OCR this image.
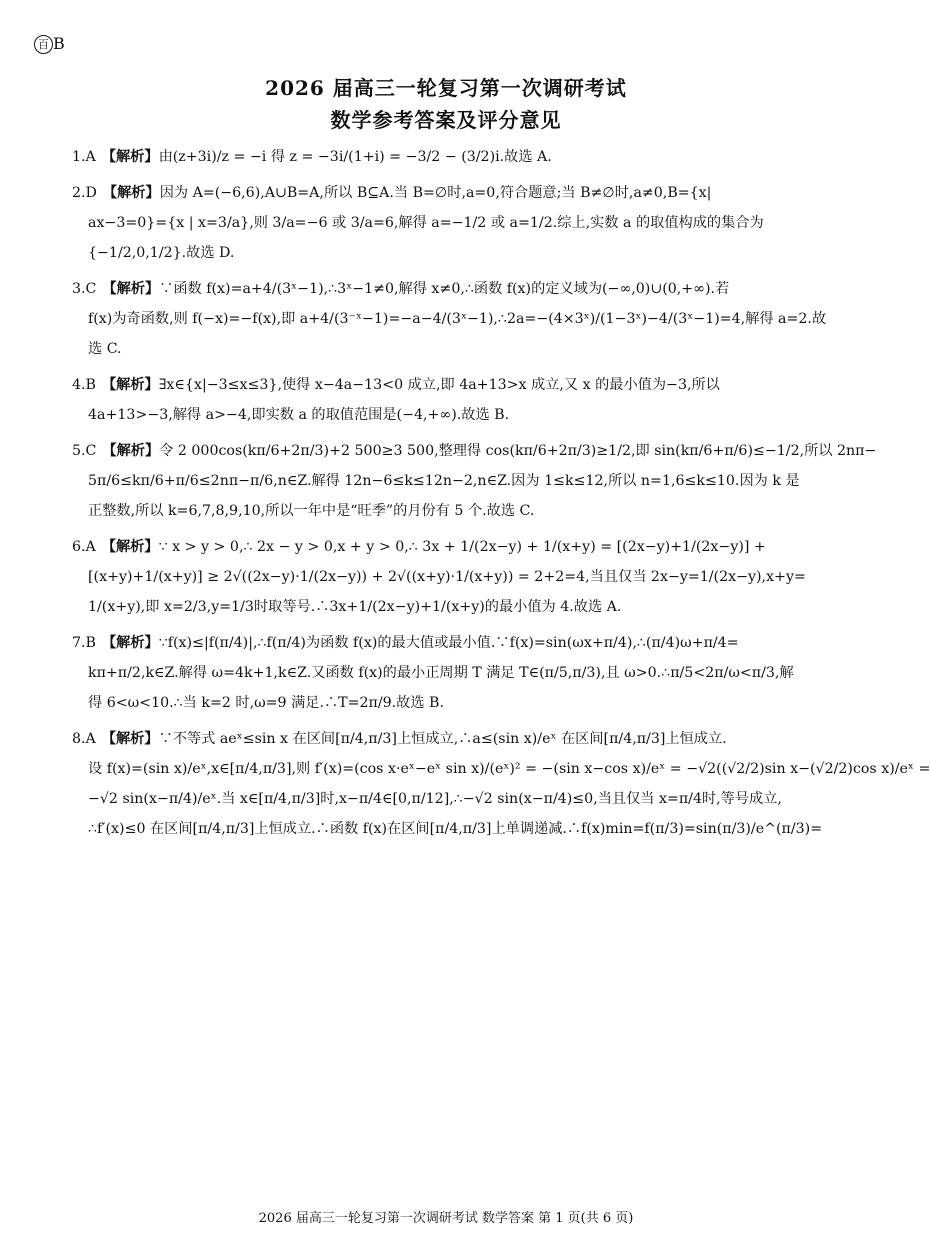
百 B
2026 届高三一轮复习第一次调研考试
数学参考答案及评分意见
1.A 【解析】由(z+3i)/z = −i 得 z = −3i/(1+i) = −3/2 − (3/2)i.故选 A.
2.D 【解析】因为 A=(−6,6),A∪B=A,所以 B⊆A.当 B=∅时,a=0,符合题意;当 B≠∅时,a≠0,B={x|
ax−3=0}={x | x=3/a},则 3/a=−6 或 3/a=6,解得 a=−1/2 或 a=1/2.综上,实数 a 的取值构成的集合为
{−1/2,0,1/2}.故选 D.
3.C 【解析】∵函数 f(x)=a+4/(3ˣ−1),∴3ˣ−1≠0,解得 x≠0,∴函数 f(x)的定义域为(−∞,0)∪(0,+∞).若
f(x)为奇函数,则 f(−x)=−f(x),即 a+4/(3⁻ˣ−1)=−a−4/(3ˣ−1),∴2a=−(4×3ˣ)/(1−3ˣ)−4/(3ˣ−1)=4,解得 a=2.故
选 C.
4.B 【解析】∃x∈{x|−3≤x≤3},使得 x−4a−13<0 成立,即 4a+13>x 成立,又 x 的最小值为−3,所以
4a+13>−3,解得 a>−4,即实数 a 的取值范围是(−4,+∞).故选 B.
5.C 【解析】令 2 000cos(kπ/6+2π/3)+2 500≥3 500,整理得 cos(kπ/6+2π/3)≥1/2,即 sin(kπ/6+π/6)≤−1/2,所以 2nπ−
5π/6≤kπ/6+π/6≤2nπ−π/6,n∈Z.解得 12n−6≤k≤12n−2,n∈Z.因为 1≤k≤12,所以 n=1,6≤k≤10.因为 k 是
正整数,所以 k=6,7,8,9,10,所以一年中是“旺季”的月份有 5 个.故选 C.
6.A 【解析】∵ x > y > 0,∴ 2x − y > 0,x + y > 0,∴ 3x + 1/(2x−y) + 1/(x+y) = [(2x−y)+1/(2x−y)] +
[(x+y)+1/(x+y)] ≥ 2√((2x−y)·1/(2x−y)) + 2√((x+y)·1/(x+y)) = 2+2=4,当且仅当 2x−y=1/(2x−y),x+y=
1/(x+y),即 x=2/3,y=1/3时取等号.∴3x+1/(2x−y)+1/(x+y)的最小值为 4.故选 A.
7.B 【解析】∵f(x)≤|f(π/4)|,∴f(π/4)为函数 f(x)的最大值或最小值.∵f(x)=sin(ωx+π/4),∴(π/4)ω+π/4=
kπ+π/2,k∈Z.解得 ω=4k+1,k∈Z.又函数 f(x)的最小正周期 T 满足 T∈(π/5,π/3),且 ω>0.∴π/5<2π/ω<π/3,解
得 6<ω<10.∴当 k=2 时,ω=9 满足.∴T=2π/9.故选 B.
8.A 【解析】∵不等式 aeˣ≤sin x 在区间[π/4,π/3]上恒成立,∴a≤(sin x)/eˣ 在区间[π/4,π/3]上恒成立.
设 f(x)=(sin x)/eˣ,x∈[π/4,π/3],则 f′(x)=(cos x·eˣ−eˣ sin x)/(eˣ)² = −(sin x−cos x)/eˣ = −√2((√2/2)sin x−(√2/2)cos x)/eˣ =
−√2 sin(x−π/4)/eˣ.当 x∈[π/4,π/3]时,x−π/4∈[0,π/12],∴−√2 sin(x−π/4)≤0,当且仅当 x=π/4时,等号成立,
∴f′(x)≤0 在区间[π/4,π/3]上恒成立.∴函数 f(x)在区间[π/4,π/3]上单调递减.∴f(x)min=f(π/3)=sin(π/3)/e^(π/3)=
2026 届高三一轮复习第一次调研考试 数学答案 第 1 页(共 6 页)
